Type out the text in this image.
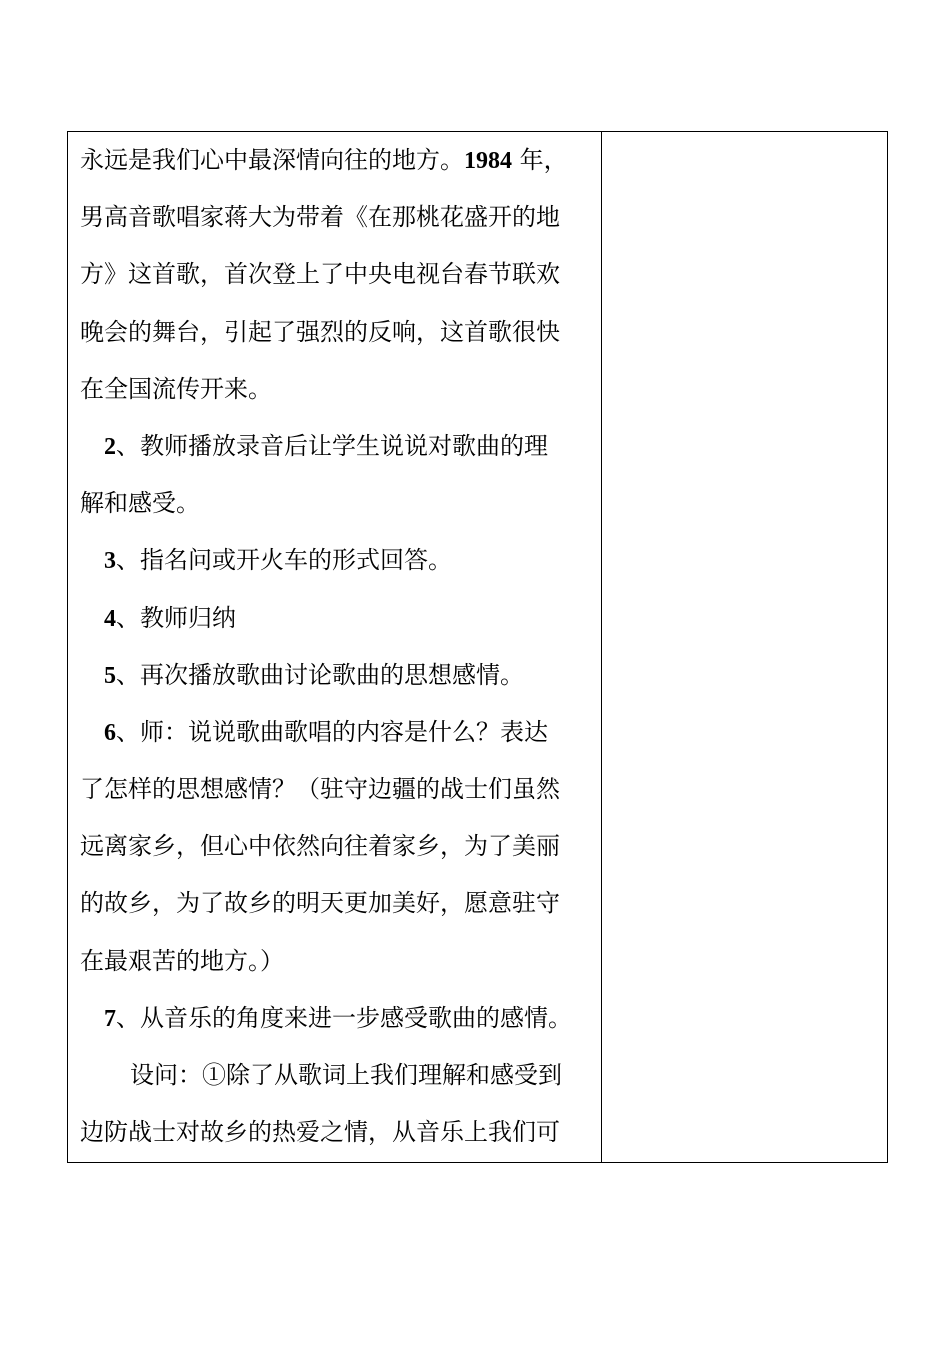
永远是我们心中最深情向往的地方。1984 年，
男高音歌唱家蒋大为带着《在那桃花盛开的地
方》这首歌，首次登上了中央电视台春节联欢
晚会的舞台，引起了强烈的反响，这首歌很快
在全国流传开来。
2、教师播放录音后让学生说说对歌曲的理
解和感受。
3、指名问或开火车的形式回答。
4、教师归纳
5、再次播放歌曲讨论歌曲的思想感情。
6、师：说说歌曲歌唱的内容是什么？表达
了怎样的思想感情？（驻守边疆的战士们虽然
远离家乡，但心中依然向往着家乡，为了美丽
的故乡，为了故乡的明天更加美好，愿意驻守
在最艰苦的地方。）
7、从音乐的角度来进一步感受歌曲的感情。
设问：①除了从歌词上我们理解和感受到
边防战士对故乡的热爱之情，从音乐上我们可
